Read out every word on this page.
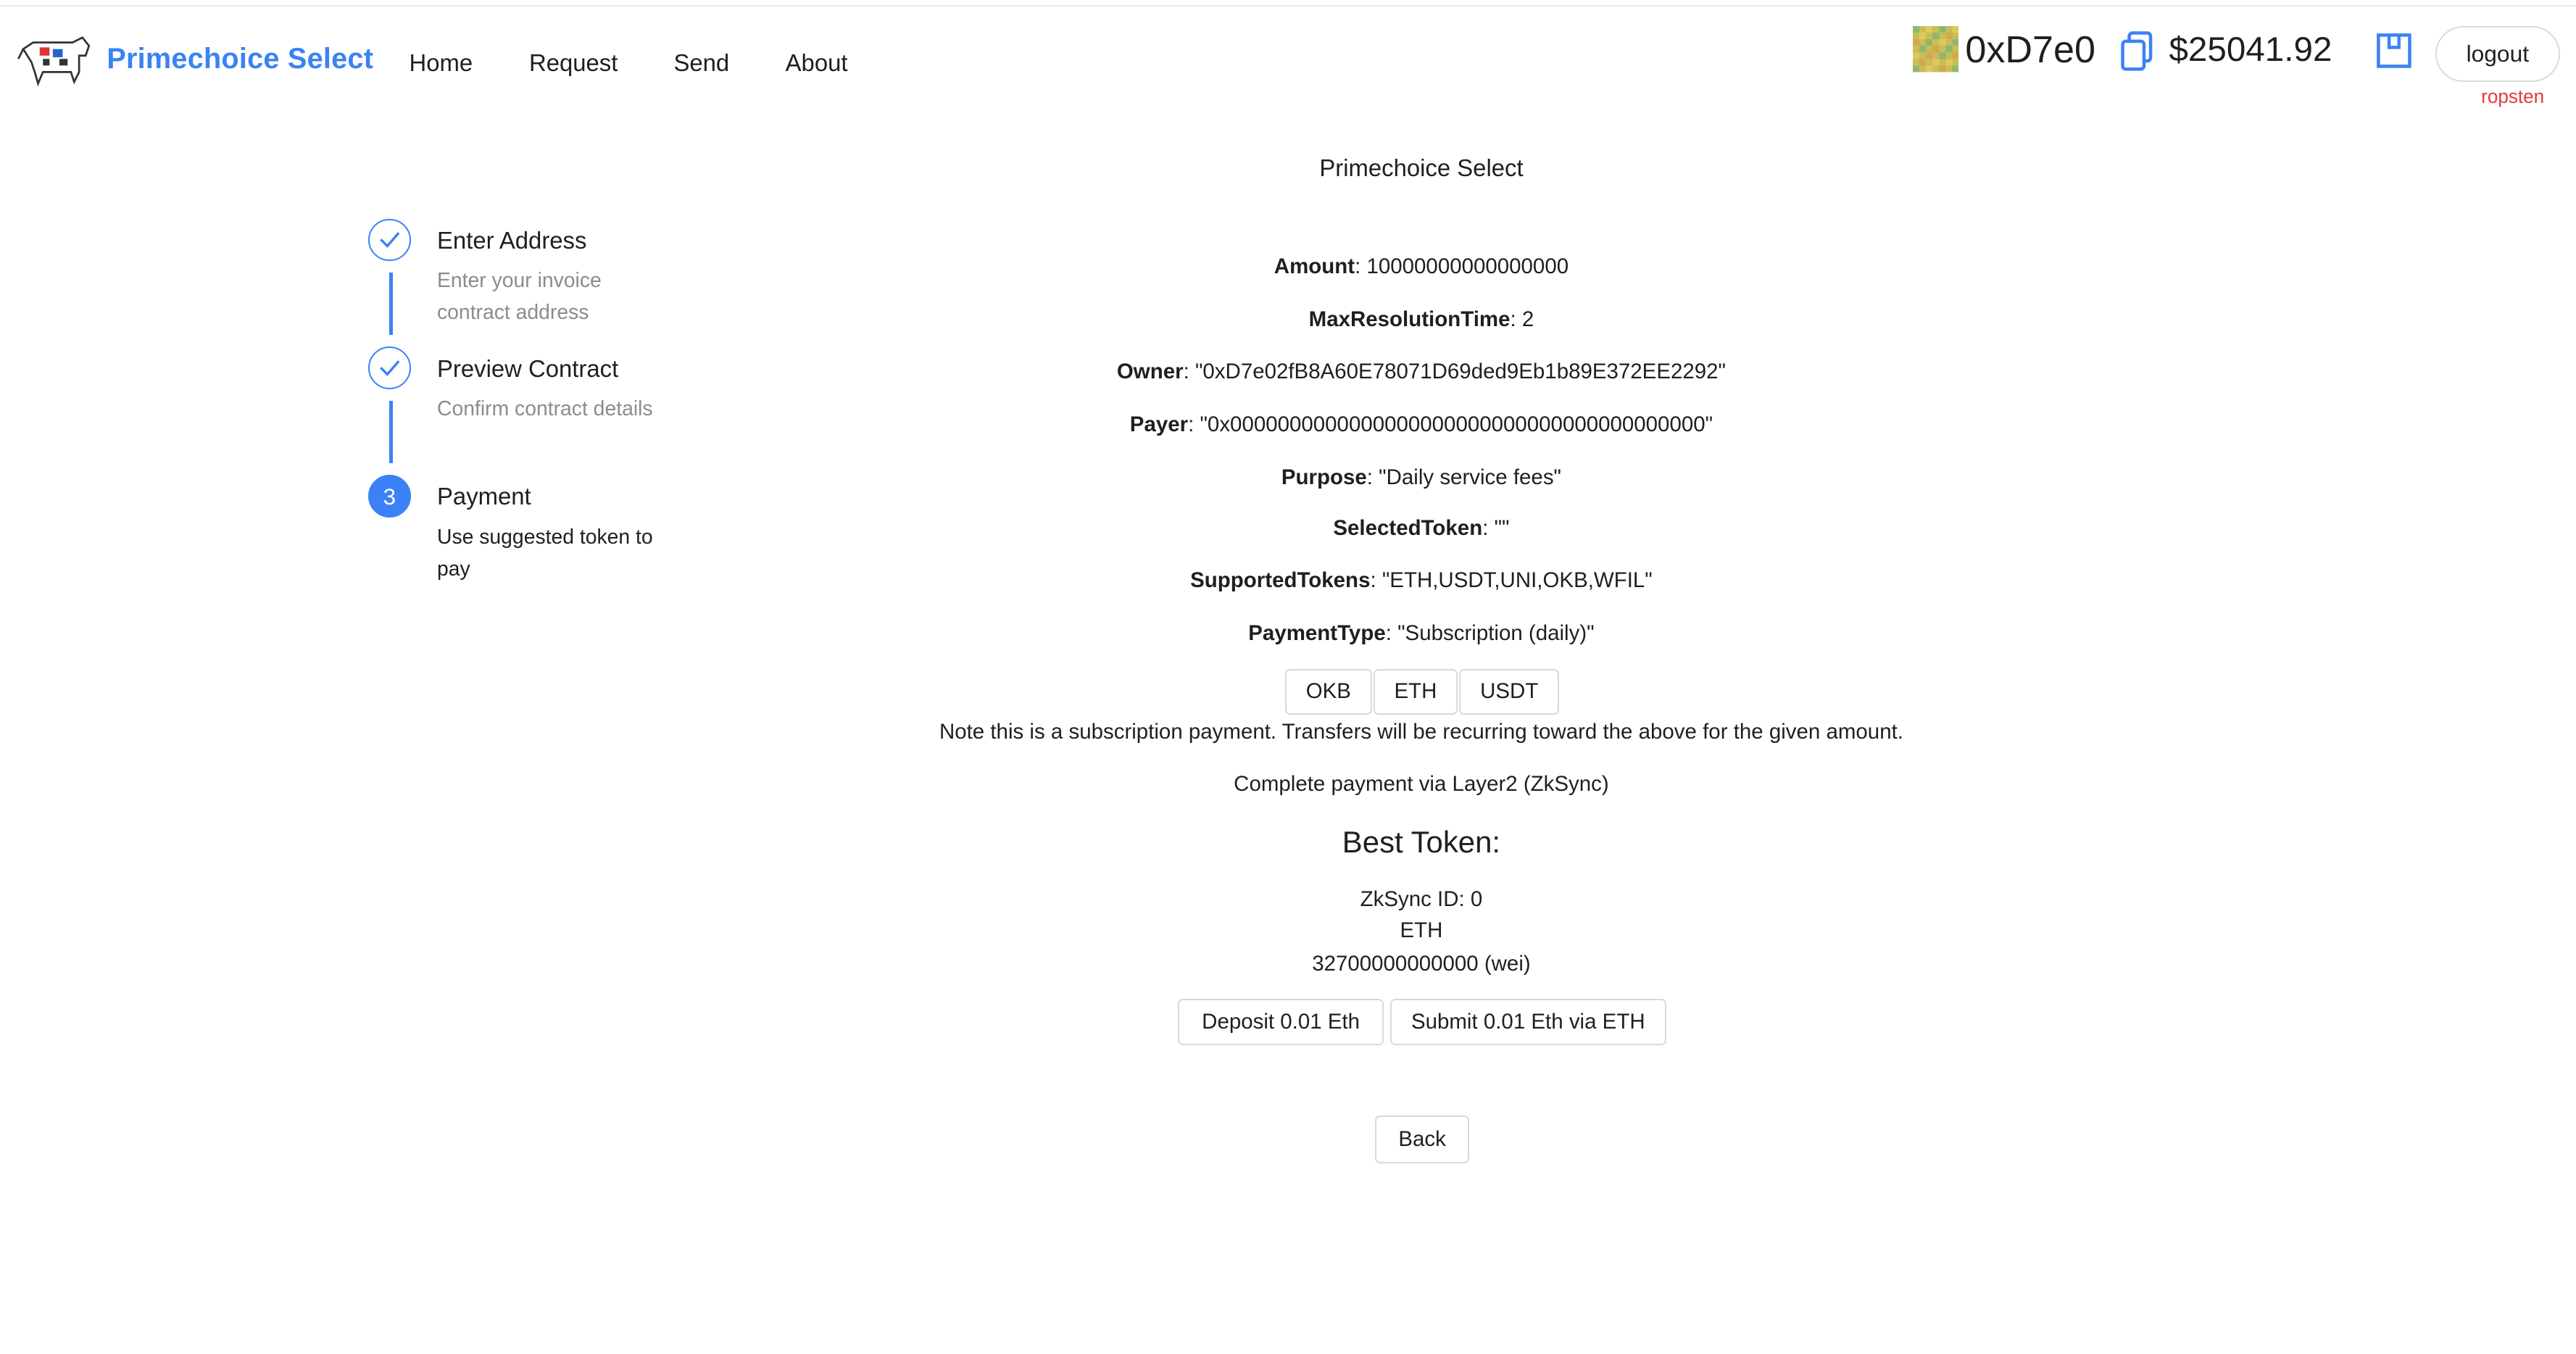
Primechoice Select	Home	Request	Send	About	0xD7e0	$25041.92	logout
ropsten
Primechoice Select
Enter Address
Enter your invoice contract address
Preview Contract
Confirm contract details
3	Payment
Use suggested token to pay
Amount: 10000000000000000
MaxResolutionTime: 2
Owner: "0xD7e02fB8A60E78071D69ded9Eb1b89E372EE2292"
Payer: "0x0000000000000000000000000000000000000000"
Purpose: "Daily service fees"
SelectedToken: ""
SupportedTokens: "ETH,USDT,UNI,OKB,WFIL"
PaymentType: "Subscription (daily)"
OKB	ETH	USDT
Note this is a subscription payment. Transfers will be recurring toward the above for the given amount.
Complete payment via Layer2 (ZkSync)
Best Token:
ZkSync ID: 0
ETH
32700000000000 (wei)
Deposit 0.01 Eth	Submit 0.01 Eth via ETH
Back
